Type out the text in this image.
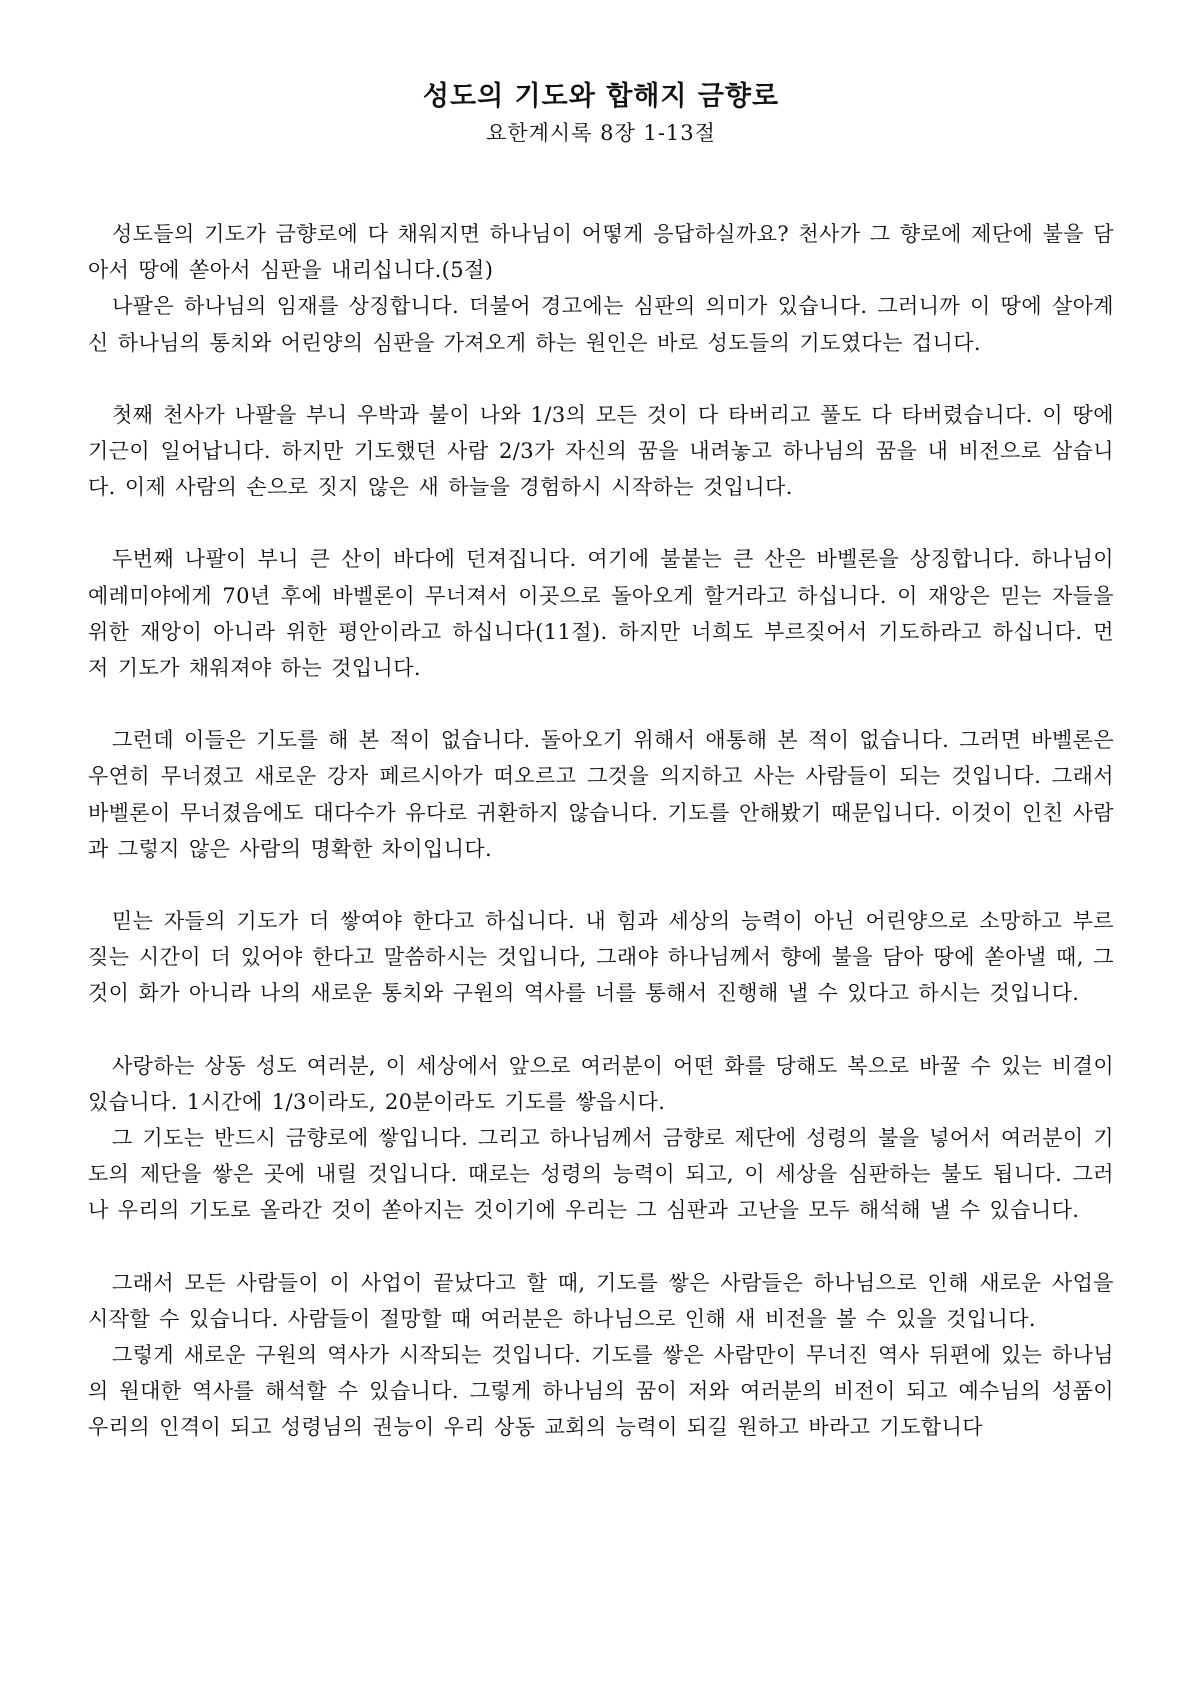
성도의 기도와 합해지 금향로

요한계시록 8장 1-13절

성도들의 기도가 금향로에 다 채워지면 하나님이 어떻게 응답하실까요? 천사가 그 향로에 제단에 불을 담아서 땅에 쏟아서 심판을 내리십니다.(5절)

나팔은 하나님의 임재를 상징합니다. 더불어 경고에는 심판의 의미가 있습니다. 그러니까 이 땅에 살아계신 하나님의 통치와 어린양의 심판을 가져오게 하는 원인은 바로 성도들의 기도였다는 겁니다.

첫째 천사가 나팔을 부니 우박과 불이 나와 1/3의 모든 것이 다 타버리고 풀도 다 타버렸습니다. 이 땅에 기근이 일어납니다. 하지만 기도했던 사람 2/3가 자신의 꿈을 내려놓고 하나님의 꿈을 내 비전으로 삼습니다. 이제 사람의 손으로 짓지 않은 새 하늘을 경험하시 시작하는 것입니다.

두번째 나팔이 부니 큰 산이 바다에 던져집니다. 여기에 불붙는 큰 산은 바벨론을 상징합니다. 하나님이 예레미야에게 70년 후에 바벨론이 무너져서 이곳으로 돌아오게 할거라고 하십니다. 이 재앙은 믿는 자들을 위한 재앙이 아니라 위한 평안이라고 하십니다(11절). 하지만 너희도 부르짖어서 기도하라고 하십니다. 먼저 기도가 채워져야 하는 것입니다.

그런데 이들은 기도를 해 본 적이 없습니다. 돌아오기 위해서 애통해 본 적이 없습니다. 그러면 바벨론은 우연히 무너졌고 새로운 강자 페르시아가 떠오르고 그것을 의지하고 사는 사람들이 되는 것입니다. 그래서 바벨론이 무너졌음에도 대다수가 유다로 귀환하지 않습니다. 기도를 안해봤기 때문입니다. 이것이 인친 사람과 그렇지 않은 사람의 명확한 차이입니다.

믿는 자들의 기도가 더 쌓여야 한다고 하십니다. 내 힘과 세상의 능력이 아닌 어린양으로 소망하고 부르짖는 시간이 더 있어야 한다고 말씀하시는 것입니다, 그래야 하나님께서 향에 불을 담아 땅에 쏟아낼 때, 그것이 화가 아니라 나의 새로운 통치와 구원의 역사를 너를 통해서 진행해 낼 수 있다고 하시는 것입니다.

사랑하는 상동 성도 여러분, 이 세상에서 앞으로 여러분이 어떤 화를 당해도 복으로 바꿀 수 있는 비결이 있습니다. 1시간에 1/3이라도, 20분이라도 기도를 쌓읍시다.

그 기도는 반드시 금향로에 쌓입니다. 그리고 하나님께서 금향로 제단에 성령의 불을 넣어서 여러분이 기도의 제단을 쌓은 곳에 내릴 것입니다. 때로는 성령의 능력이 되고, 이 세상을 심판하는 불도 됩니다. 그러나 우리의 기도로 올라간 것이 쏟아지는 것이기에 우리는 그 심판과 고난을 모두 해석해 낼 수 있습니다.

그래서 모든 사람들이 이 사업이 끝났다고 할 때, 기도를 쌓은 사람들은 하나님으로 인해 새로운 사업을 시작할 수 있습니다. 사람들이 절망할 때 여러분은 하나님으로 인해 새 비전을 볼 수 있을 것입니다.

그렇게 새로운 구원의 역사가 시작되는 것입니다. 기도를 쌓은 사람만이 무너진 역사 뒤편에 있는 하나님의 원대한 역사를 해석할 수 있습니다. 그렇게 하나님의 꿈이 저와 여러분의 비전이 되고 예수님의 성품이 우리의 인격이 되고 성령님의 권능이 우리 상동 교회의 능력이 되길 원하고 바라고 기도합니다
